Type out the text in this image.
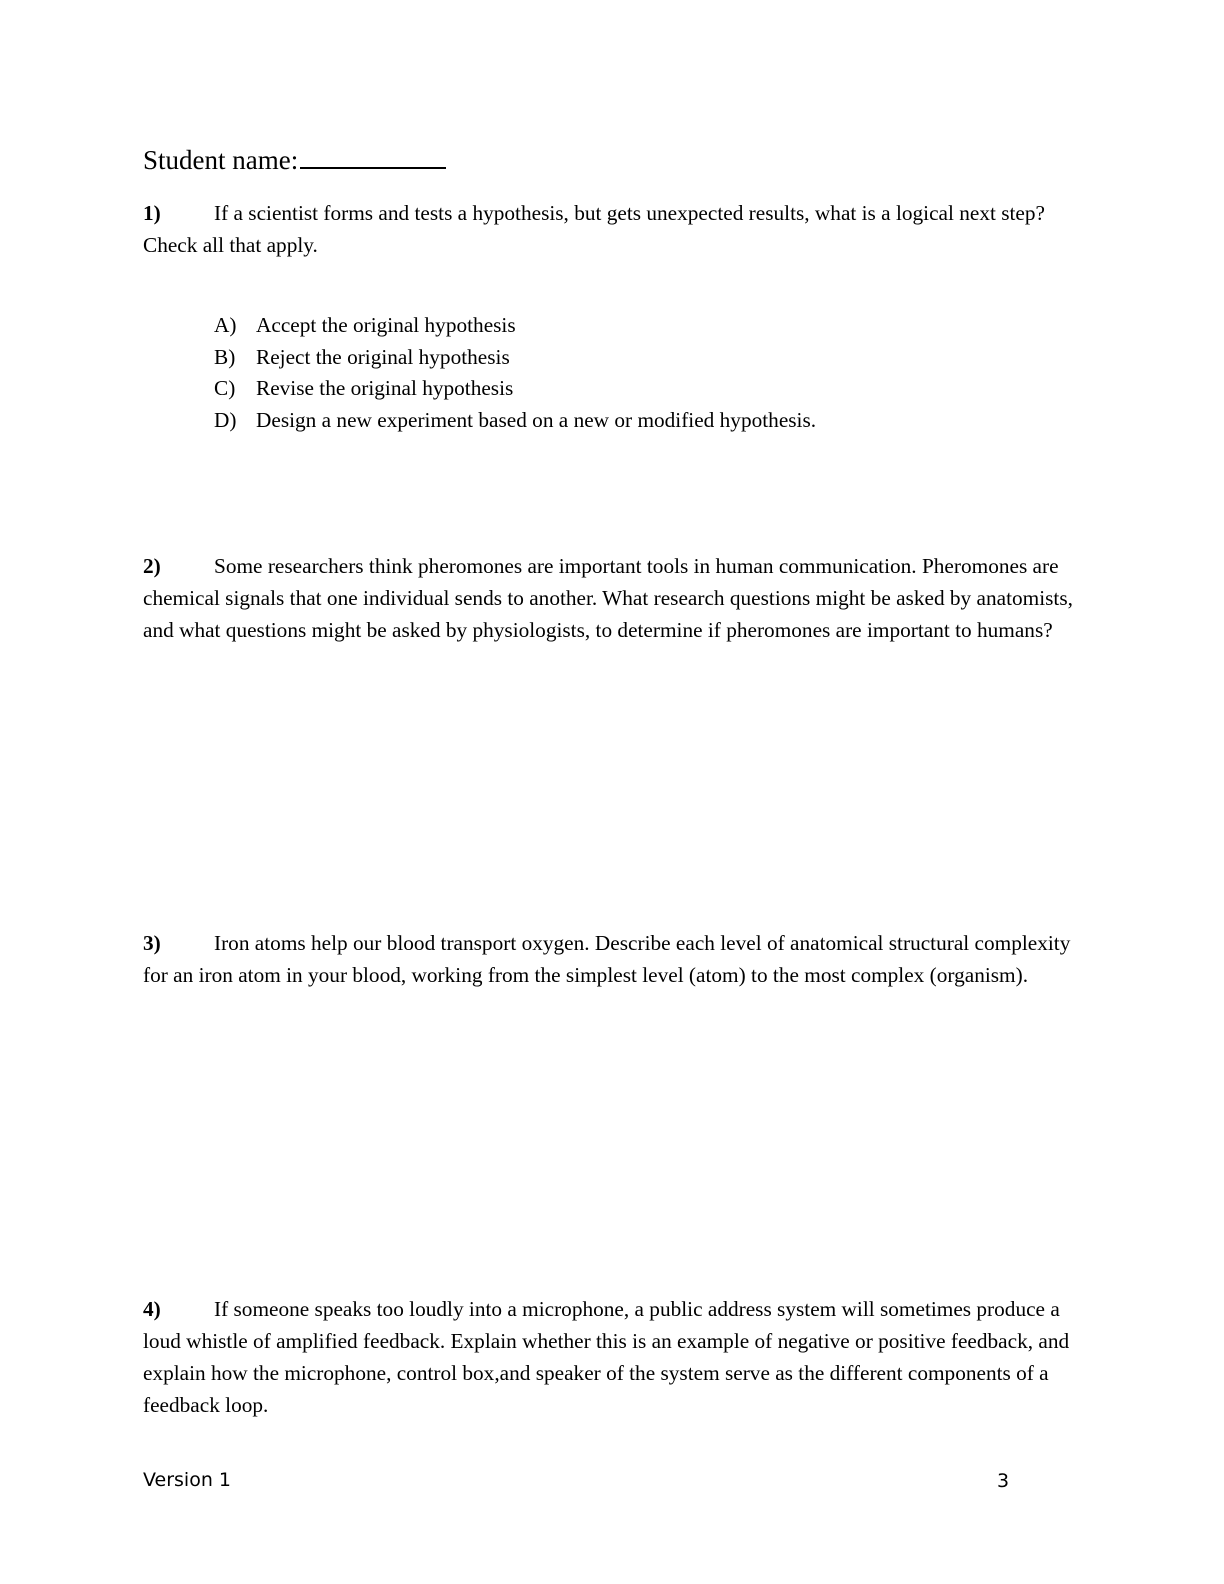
Student name:
1)	If a scientist forms and tests a hypothesis, but gets unexpected results, what is a logical next step? Check all that apply.
A) Accept the original hypothesis
B) Reject the original hypothesis
C) Revise the original hypothesis
D) Design a new experiment based on a new or modified hypothesis.
2)	Some researchers think pheromones are important tools in human communication. Pheromones are chemical signals that one individual sends to another. What research questions might be asked by anatomists, and what questions might be asked by physiologists, to determine if pheromones are important to humans?
3)	Iron atoms help our blood transport oxygen. Describe each level of anatomical structural complexity for an iron atom in your blood, working from the simplest level (atom) to the most complex (organism).
4)	If someone speaks too loudly into a microphone, a public address system will sometimes produce a loud whistle of amplified feedback. Explain whether this is an example of negative or positive feedback, and explain how the microphone, control box,and speaker of the system serve as the different components of a feedback loop.
Version 1	3
